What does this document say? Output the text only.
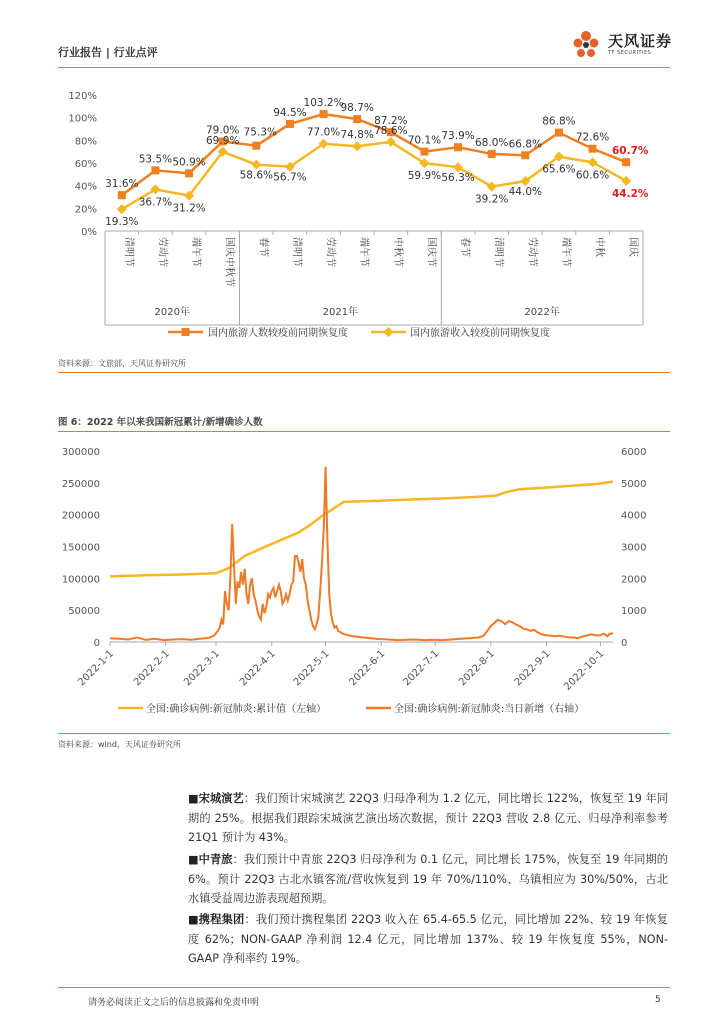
行业报告 | 行业点评
天风证券
TF SECURITIES
31.6%
53.5% 50.9%
79.0% 75.3%
94.5%
103.2%
98.7%
87.2%
70.1% 73.9%
68.0% 66.8%
86.8%
72.6%
60.7%
19.3%
36.7%
31.2%
69.9%
58.6% 56.7%
77.0% 74.8% 78.6%
59.9% 56.3%
39.2%
44.0%
65.6% 60.6%
44.2%
0%
20%
40%
60%
80%
100%
120%
清明节 劳动节 端午节 国庆中秋节 春节 清明节 劳动节 端午节 中秋节 国庆节 春节 清明节 劳动节 端午节 中秋 国庆
2020年	2021年	2022年
国内旅游人数较疫前同期恢复度	国内旅游收入较疫前同期恢复度
资料来源：文旅部，天风证券研究所
图 6：2022 年以来我国新冠累计/新增确诊人数
0
50000
100000
150000
200000
250000
300000
0
1000
2000
3000
4000
5000
6000
2022-1-1 2022-2-1 2022-3-1 2022-4-1 2022-5-1 2022-6-1 2022-7-1 2022-8-1 2022-9-1 2022-10-1
全国:确诊病例:新冠肺炎:累计值（左轴）	全国:确诊病例:新冠肺炎:当日新增（右轴）
资料来源：wind，天风证券研究所
■宋城演艺：我们预计宋城演艺 22Q3 归母净利为 1.2 亿元，同比增长 122%，恢复至 19 年同期的 25%。根据我们跟踪宋城演艺演出场次数据，预计 22Q3 营收 2.8 亿元、归母净利率参考 21Q1 预计为 43%。
■中青旅：我们预计中青旅 22Q3 归母净利为 0.1 亿元，同比增长 175%，恢复至 19 年同期的 6%。预计 22Q3 古北水镇客流/营收恢复到 19 年 70%/110%、乌镇相应为 30%/50%，古北水镇受益周边游表现超预期。
■携程集团：我们预计携程集团 22Q3 收入在 65.4-65.5 亿元，同比增加 22%、较 19 年恢复度 62%；NON-GAAP 净利润 12.4 亿元，同比增加 137%、较 19 年恢复度 55%，NON-GAAP 净利率约 19%。
请务必阅读正文之后的信息披露和免责申明	5
